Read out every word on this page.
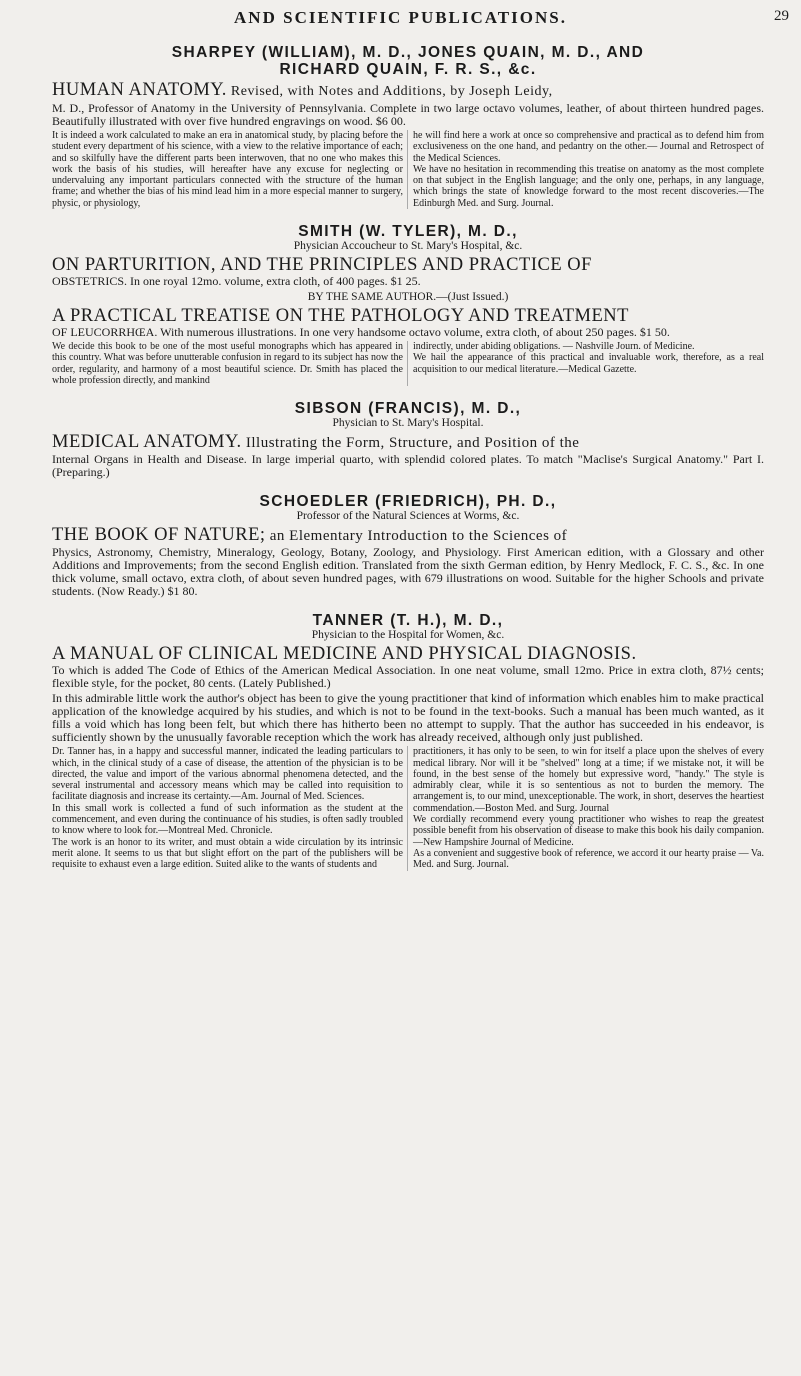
AND SCIENTIFIC PUBLICATIONS.	29
SHARPEY (WILLIAM), M. D., JONES QUAIN, M. D., AND
RICHARD QUAIN, F. R. S., &c.
HUMAN ANATOMY. Revised, with Notes and Additions, by Joseph Leidy,
M. D., Professor of Anatomy in the University of Pennsylvania. Complete in two large octavo volumes, leather, of about thirteen hundred pages. Beautifully illustrated with over five hundred engravings on wood. $6 00.

It is indeed a work calculated to make an era in anatomical study, by placing before the student every department of his science, with a view to the relative importance of each; and so skilfully have the different parts been interwoven, that no one who makes this work the basis of his studies, will hereafter have any excuse for neglecting or undervaluing any important particulars connected with the structure of the human frame; and whether the bias of his mind lead him in a more especial manner to surgery, physic, or physiology,

he will find here a work at once so comprehensive and practical as to defend him from exclusiveness on the one hand, and pedantry on the other.— Journal and Retrospect of the Medical Sciences.
We have no hesitation in recommending this treatise on anatomy as the most complete on that subject in the English language; and the only one, perhaps, in any language, which brings the state of knowledge forward to the most recent discoveries.—The Edinburgh Med. and Surg. Journal.

SMITH (W. TYLER), M. D.,
Physician Accoucheur to St. Mary's Hospital, &c.
ON PARTURITION, AND THE PRINCIPLES AND PRACTICE OF
OBSTETRICS. In one royal 12mo. volume, extra cloth, of 400 pages. $1 25.
BY THE SAME AUTHOR.—(Just Issued.)
A PRACTICAL TREATISE ON THE PATHOLOGY AND TREATMENT
OF LEUCORRHŒA. With numerous illustrations. In one very handsome octavo volume, extra cloth, of about 250 pages. $1 50.

We decide this book to be one of the most useful monographs which has appeared in this country. What was before unutterable confusion in regard to its subject has now the order, regularity, and harmony of a most beautiful science. Dr. Smith has placed the whole profession directly, and mankind

indirectly, under abiding obligations. — Nashville Journ. of Medicine.
We hail the appearance of this practical and invaluable work, therefore, as a real acquisition to our medical literature.—Medical Gazette.

SIBSON (FRANCIS), M. D.,
Physician to St. Mary's Hospital.
MEDICAL ANATOMY. Illustrating the Form, Structure, and Position of the
Internal Organs in Health and Disease. In large imperial quarto, with splendid colored plates. To match "Maclise's Surgical Anatomy." Part I. (Preparing.)
SCHOEDLER (FRIEDRICH), PH. D.,
Professor of the Natural Sciences at Worms, &c.
THE BOOK OF NATURE; an Elementary Introduction to the Sciences of
Physics, Astronomy, Chemistry, Mineralogy, Geology, Botany, Zoology, and Physiology. First American edition, with a Glossary and other Additions and Improvements; from the second English edition. Translated from the sixth German edition, by Henry Medlock, F. C. S., &c. In one thick volume, small octavo, extra cloth, of about seven hundred pages, with 679 illustrations on wood. Suitable for the higher Schools and private students. (Now Ready.) $1 80.
TANNER (T. H.), M. D.,
Physician to the Hospital for Women, &c.
A MANUAL OF CLINICAL MEDICINE AND PHYSICAL DIAGNOSIS.
To which is added The Code of Ethics of the American Medical Association. In one neat volume, small 12mo. Price in extra cloth, 87½ cents; flexible style, for the pocket, 80 cents. (Lately Published.)
In this admirable little work the author's object has been to give the young practitioner that kind of information which enables him to make practical application of the knowledge acquired by his studies, and which is not to be found in the text-books. Such a manual has been much wanted, as it fills a void which has long been felt, but which there has hitherto been no attempt to supply. That the author has succeeded in his endeavor, is sufficiently shown by the unusually favorable reception which the work has already received, although only just published.

Dr. Tanner has, in a happy and successful manner, indicated the leading particulars to which, in the clinical study of a case of disease, the attention of the physician is to be directed, the value and import of the various abnormal phenomena detected, and the several instrumental and accessory means which may be called into requisition to facilitate diagnosis and increase its certainty.—Am. Journal of Med. Sciences.
In this small work is collected a fund of such information as the student at the commencement, and even during the continuance of his studies, is often sadly troubled to know where to look for.—Montreal Med. Chronicle.
The work is an honor to its writer, and must obtain a wide circulation by its intrinsic merit alone. It seems to us that but slight effort on the part of the publishers will be requisite to exhaust even a large edition. Suited alike to the wants of students and

practitioners, it has only to be seen, to win for itself a place upon the shelves of every medical library. Nor will it be "shelved" long at a time; if we mistake not, it will be found, in the best sense of the homely but expressive word, "handy." The style is admirably clear, while it is so sententious as not to burden the memory. The arrangement is, to our mind, unexceptionable. The work, in short, deserves the heartiest commendation.—Boston Med. and Surg. Journal
We cordially recommend every young practitioner who wishes to reap the greatest possible benefit from his observation of disease to make this book his daily companion.—New Hampshire Journal of Medicine.
As a convenient and suggestive book of reference, we accord it our hearty praise — Va. Med. and Surg. Journal.
